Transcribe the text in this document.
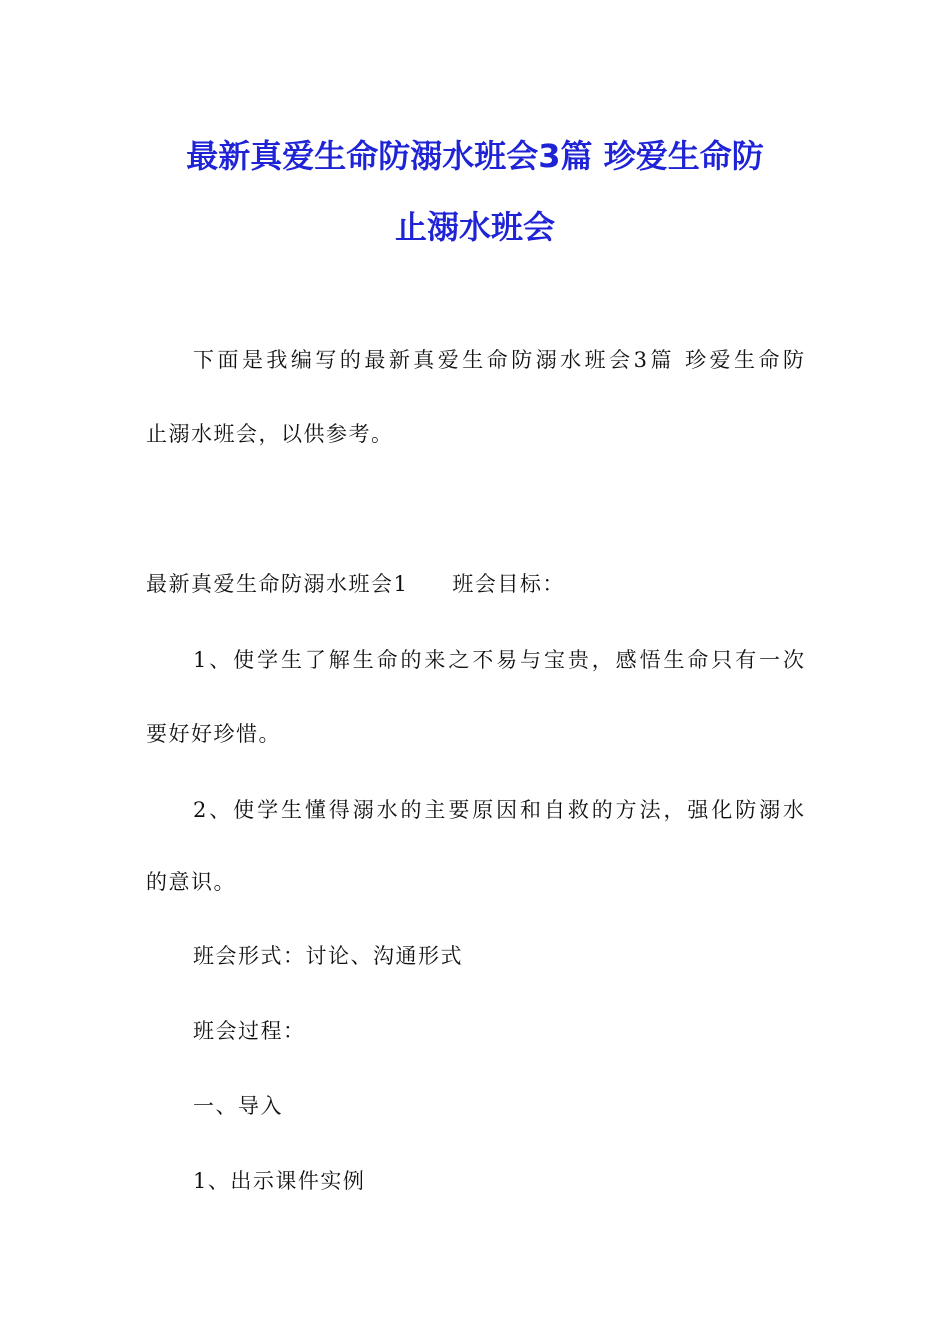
最新真爱生命防溺水班会3篇 珍爱生命防
止溺水班会

下面是我编写的最新真爱生命防溺水班会3篇 珍爱生命防

止溺水班会，以供参考。

最新真爱生命防溺水班会1 班会目标：

1、使学生了解生命的来之不易与宝贵，感悟生命只有一次

要好好珍惜。

2、使学生懂得溺水的主要原因和自救的方法，强化防溺水

的意识。

班会形式：讨论、沟通形式

班会过程：

一、导入

1、出示课件实例
